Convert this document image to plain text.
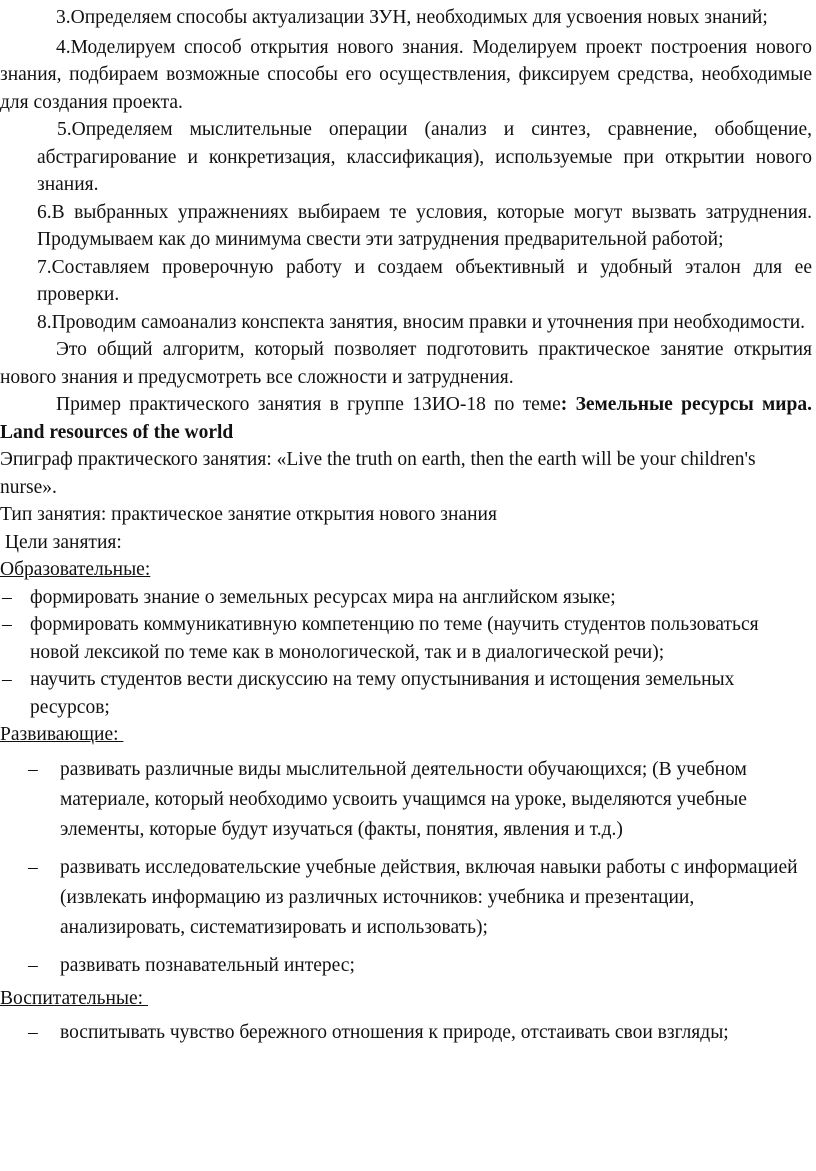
3.Определяем способы актуализации ЗУН, необходимых для усвоения новых знаний;

4.Моделируем способ открытия нового знания. Моделируем проект построения нового знания, подбираем возможные способы его осуществления, фиксируем средства, необходимые для создания проекта.

5.Определяем мыслительные операции (анализ и синтез, сравнение, обобщение, абстрагирование и конкретизация, классификация), используемые при открытии нового знания.

6.В выбранных упражнениях выбираем те условия, которые могут вызвать затруднения. Продумываем как до минимума свести эти затруднения предварительной работой;

7.Составляем проверочную работу и создаем объективный и удобный эталон для ее проверки.

8.Проводим самоанализ конспекта занятия, вносим правки и уточнения при необходимости.

Это общий алгоритм, который позволяет подготовить практическое занятие открытия нового знания и предусмотреть все сложности и затруднения.

Пример практического занятия в группе 1ЗИО-18 по теме: Земельные ресурсы мира. Land resources of the world

Эпиграф практического занятия: «Live the truth on earth, then the earth will be your children's nurse».

Тип занятия: практическое занятие открытия нового знания

Цели занятия:

Образовательные:

– формировать знание о земельных ресурсах мира на английском языке;
– формировать коммуникативную компетенцию по теме (научить студентов пользоваться новой лексикой по теме как в монологической, так и в диалогической речи);
– научить студентов вести дискуссию на тему опустынивания и истощения земельных ресурсов;

Развивающие:

– развивать различные виды мыслительной деятельности обучающихся; (В учебном материале, который необходимо усвоить учащимся на уроке, выделяются учебные элементы, которые будут изучаться (факты, понятия, явления и т.д.)
– развивать исследовательские учебные действия, включая навыки работы с информацией (извлекать информацию из различных источников: учебника и презентации, анализировать, систематизировать и использовать);
– развивать познавательный интерес;

Воспитательные:

– воспитывать чувство бережного отношения к природе, отстаивать свои взгляды;
